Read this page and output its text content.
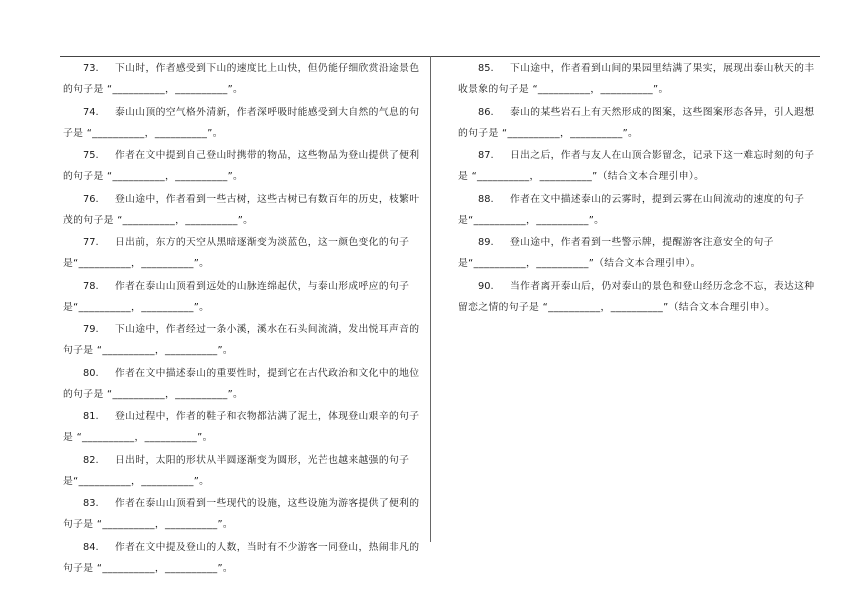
73. 下山时，作者感受到下山的速度比上山快，但仍能仔细欣赏沿途景色的句子是 “__________，__________”。

74. 泰山山顶的空气格外清新，作者深呼吸时能感受到大自然的气息的句子是 “__________，__________”。

75. 作者在文中提到自己登山时携带的物品，这些物品为登山提供了便利的句子是 “__________，__________”。

76. 登山途中，作者看到一些古树，这些古树已有数百年的历史，枝繁叶茂的句子是 “__________，__________”。

77. 日出前，东方的天空从黑暗逐渐变为淡蓝色，这一颜色变化的句子是“__________，__________”。

78. 作者在泰山山顶看到远处的山脉连绵起伏，与泰山形成呼应的句子是“__________，__________”。

79. 下山途中，作者经过一条小溪，溪水在石头间流淌，发出悦耳声音的句子是 “__________，__________”。

80. 作者在文中描述泰山的重要性时，提到它在古代政治和文化中的地位的句子是 “__________，__________”。

81. 登山过程中，作者的鞋子和衣物都沾满了泥土，体现登山艰辛的句子是 “__________，__________”。

82. 日出时，太阳的形状从半圆逐渐变为圆形，光芒也越来越强的句子是“__________，__________”。

83. 作者在泰山山顶看到一些现代的设施，这些设施为游客提供了便利的句子是 “__________，__________”。

84. 作者在文中提及登山的人数，当时有不少游客一同登山，热闹非凡的句子是 “__________，__________”。

85. 下山途中，作者看到山间的果园里结满了果实，展现出泰山秋天的丰收景象的句子是 “__________，__________”。

86. 泰山的某些岩石上有天然形成的图案，这些图案形态各异，引人遐想的句子是 “__________，__________”。

87. 日出之后，作者与友人在山顶合影留念，记录下这一难忘时刻的句子是 “__________，__________”（结合文本合理引申）。

88. 作者在文中描述泰山的云雾时，提到云雾在山间流动的速度的句子是“__________，__________”。

89. 登山途中，作者看到一些警示牌，提醒游客注意安全的句子是“__________，__________”（结合文本合理引申）。

90. 当作者离开泰山后，仍对泰山的景色和登山经历念念不忘，表达这种留恋之情的句子是 “__________，__________”（结合文本合理引申）。
